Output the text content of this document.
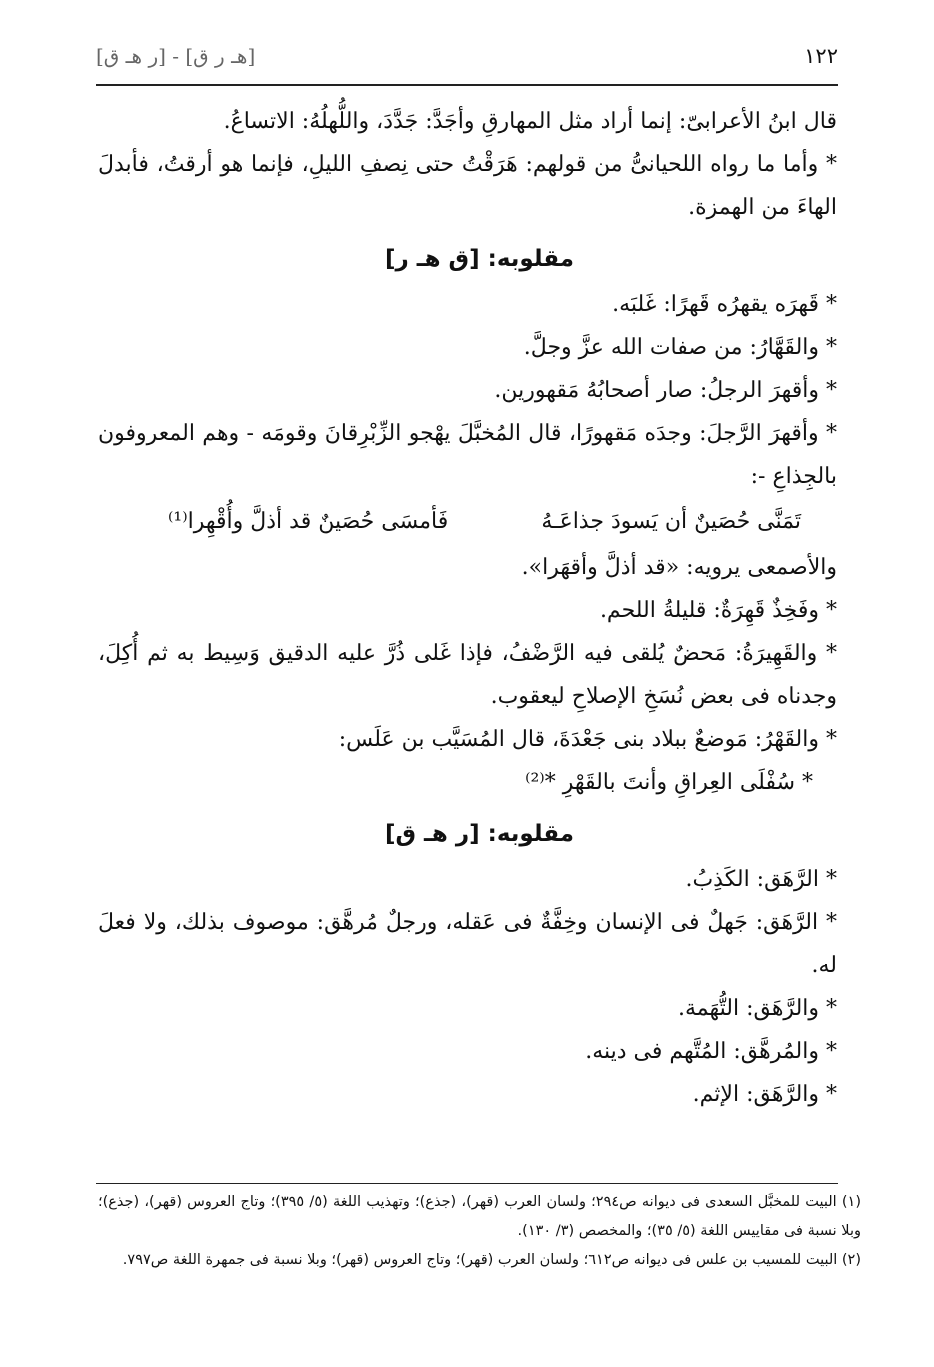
١٢٢
[هـ ر ق] - [ر هـ ق]

قال ابنُ الأعرابىّ: إنما أراد مثل المهارقِ وأجَدَّ: جَدَّدَ، واللُّهلُهُ: الاتساعُ.

* وأما ما رواه اللحيانىُّ من قولهم: هَرَقْتُ حتى نِصفِ الليلِ، فإنما هو أرقتُ، فأبدلَ الهاءَ من الهمزة.

مقلوبه: [ق هـ ر]

* قَهرَه يقهرُه قَهرًا: غَلبَه.

* والقَهَّارُ: من صفات الله عزَّ وجلَّ.

* وأقهرَ الرجلُ: صار أصحابُهُ مَقهورين.

* وأقهرَ الرَّجلَ: وجدَه مَقهورًا، قال المُخبَّلَ يهْجو الزِّبْرِقانَ وقومَه - وهم المعروفون بالجِذاعِ -:

تَمَنَّى حُصَينٌ أن يَسودَ جذاعَـهُ
فَأمسَى حُصَينٌ قد أذلَّ وأُقْهِرا⁽¹⁾

والأصمعى يرويه: «قد أذلَّ وأقهَرا».

* وفَخِذٌ قَهِرَةٌ: قليلةُ اللحم.

* والقَهِيرَةُ: مَحضٌ يُلقى فيه الرَّضْفُ، فإذا غَلى ذُرَّ عليه الدقيق وَسِيط به ثم أُكِلَ، وجدناه فى بعض نُسَخِ الإصلاحِ ليعقوب.

* والقَهْرُ: مَوضعٌ ببلاد بنى جَعْدَةَ، قال المُسَيَّب بن عَلَس:

* سُفْلَى العِراقِ وأنتَ بالقَهْرِ *⁽²⁾

مقلوبه: [ر هـ ق]

* الرَّهَق: الكَذِبُ.

* الرَّهَق: جَهلٌ فى الإنسان وخِفَّةٌ فى عَقله، ورجلٌ مُرهَّق: موصوف بذلك، ولا فعلَ له.

* والرَّهَق: التُّهَمة.

* والمُرهَّق: المُتَّهم فى دينه.

* والرَّهَق: الإثم.

(١) البيت للمخبَّل السعدى فى ديوانه ص٢٩٤؛ ولسان العرب (قهر)، (جذع)؛ وتهذيب اللغة (٥/ ٣٩٥)؛ وتاج العروس (قهر)، (جذع)؛ وبلا نسبة فى مقاييس اللغة (٥/ ٣٥)؛ والمخصص (٣/ ١٣٠).

(٢) البيت للمسيب بن علس فى ديوانه ص٦١٢؛ ولسان العرب (قهر)؛ وتاج العروس (قهر)؛ وبلا نسبة فى جمهرة اللغة ص٧٩٧.
